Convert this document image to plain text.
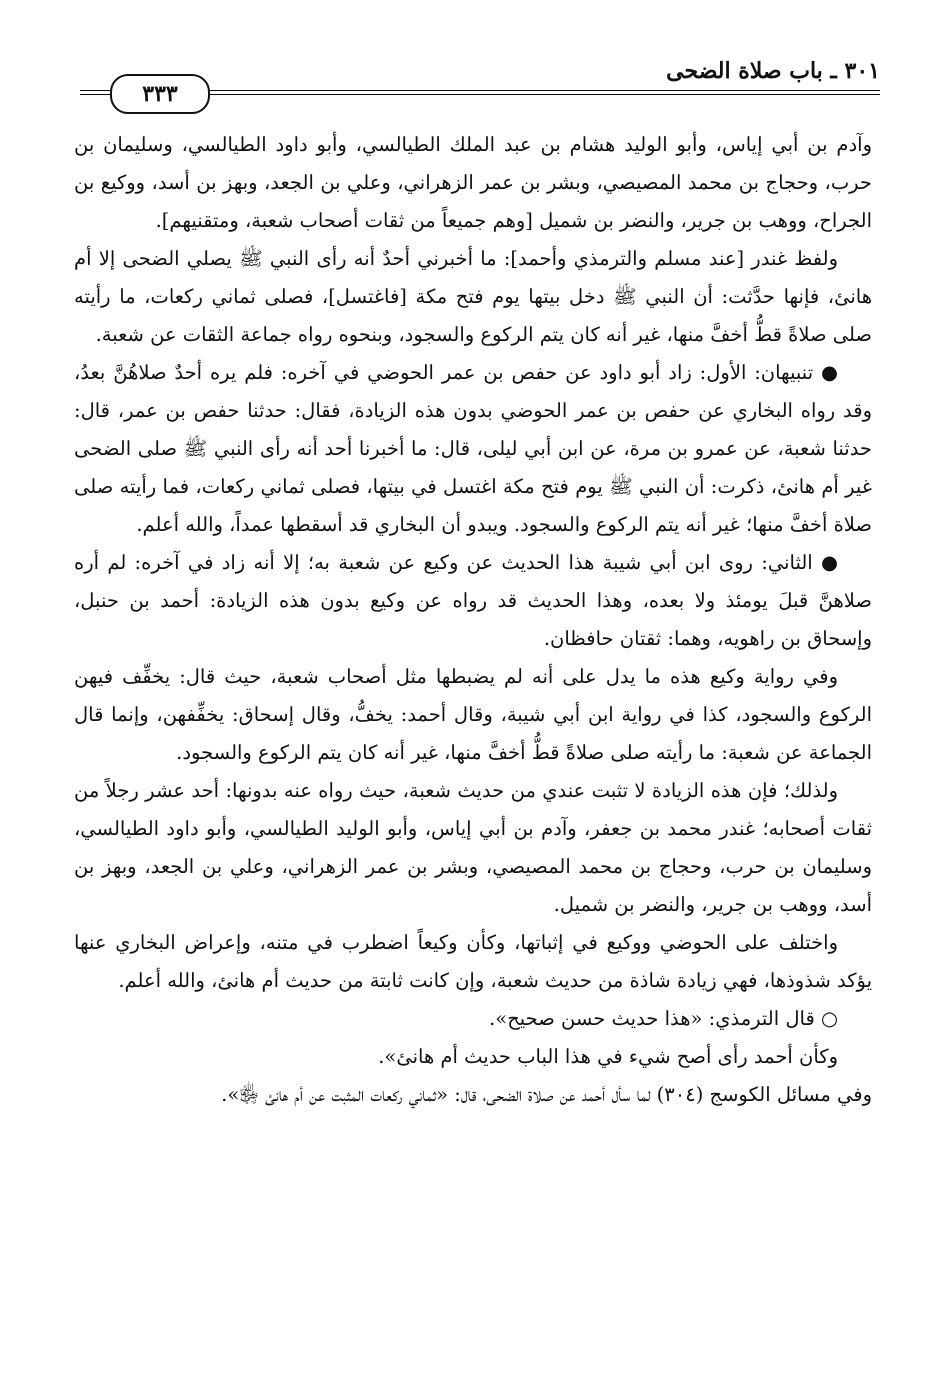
٣٠١ ـ باب صلاة الضحى
٣٣٣

وآدم بن أبي إياس، وأبو الوليد هشام بن عبد الملك الطيالسي، وأبو داود الطيالسي، وسليمان بن حرب، وحجاج بن محمد المصيصي، وبشر بن عمر الزهراني، وعلي بن الجعد، وبهز بن أسد، ووكيع بن الجراح، ووهب بن جرير، والنضر بن شميل [وهم جميعاً من ثقات أصحاب شعبة، ومتقنيهم].

ولفظ غندر [عند مسلم والترمذي وأحمد]: ما أخبرني أحدٌ أنه رأى النبي ﷺ يصلي الضحى إلا أم هانئ، فإنها حدَّثت: أن النبي ﷺ دخل بيتها يوم فتح مكة [فاغتسل]، فصلى ثماني ركعات، ما رأيته صلى صلاةً قطُّ أخفَّ منها، غير أنه كان يتم الركوع والسجود، وبنحوه رواه جماعة الثقات عن شعبة.

● تنبيهان: الأول: زاد أبو داود عن حفص بن عمر الحوضي في آخره: فلم يره أحدٌ صلاهُنَّ بعدُ، وقد رواه البخاري عن حفص بن عمر الحوضي بدون هذه الزيادة، فقال: حدثنا حفص بن عمر، قال: حدثنا شعبة، عن عمرو بن مرة، عن ابن أبي ليلى، قال: ما أخبرنا أحد أنه رأى النبي ﷺ صلى الضحى غير أم هانئ، ذكرت: أن النبي ﷺ يوم فتح مكة اغتسل في بيتها، فصلى ثماني ركعات، فما رأيته صلى صلاة أخفَّ منها؛ غير أنه يتم الركوع والسجود. ويبدو أن البخاري قد أسقطها عمداً، والله أعلم.

● الثاني: روى ابن أبي شيبة هذا الحديث عن وكيع عن شعبة به؛ إلا أنه زاد في آخره: لم أره صلاهنَّ قبلَ يومئذ ولا بعده، وهذا الحديث قد رواه عن وكيع بدون هذه الزيادة: أحمد بن حنبل، وإسحاق بن راهويه، وهما: ثقتان حافظان.

وفي رواية وكيع هذه ما يدل على أنه لم يضبطها مثل أصحاب شعبة، حيث قال: يخفِّف فيهن الركوع والسجود، كذا في رواية ابن أبي شيبة، وقال أحمد: يخفُّ، وقال إسحاق: يخفِّفهن، وإنما قال الجماعة عن شعبة: ما رأيته صلى صلاةً قطُّ أخفَّ منها، غير أنه كان يتم الركوع والسجود.

ولذلك؛ فإن هذه الزيادة لا تثبت عندي من حديث شعبة، حيث رواه عنه بدونها: أحد عشر رجلاً من ثقات أصحابه؛ غندر محمد بن جعفر، وآدم بن أبي إياس، وأبو الوليد الطيالسي، وأبو داود الطيالسي، وسليمان بن حرب، وحجاج بن محمد المصيصي، وبشر بن عمر الزهراني، وعلي بن الجعد، وبهز بن أسد، ووهب بن جرير، والنضر بن شميل.

واختلف على الحوضي ووكيع في إثباتها، وكأن وكيعاً اضطرب في متنه، وإعراض البخاري عنها يؤكد شذوذها، فهي زيادة شاذة من حديث شعبة، وإن كانت ثابتة من حديث أم هانئ، والله أعلم.

○ قال الترمذي: «هذا حديث حسن صحيح».

وكأن أحمد رأى أصح شيء في هذا الباب حديث أم هانئ».

وفي مسائل الكوسج (٣٠٤) لما سأل أحمد عن صلاة الضحى، قال: «ثماني ركعات المثبت عن أم هانئ ﵂».
